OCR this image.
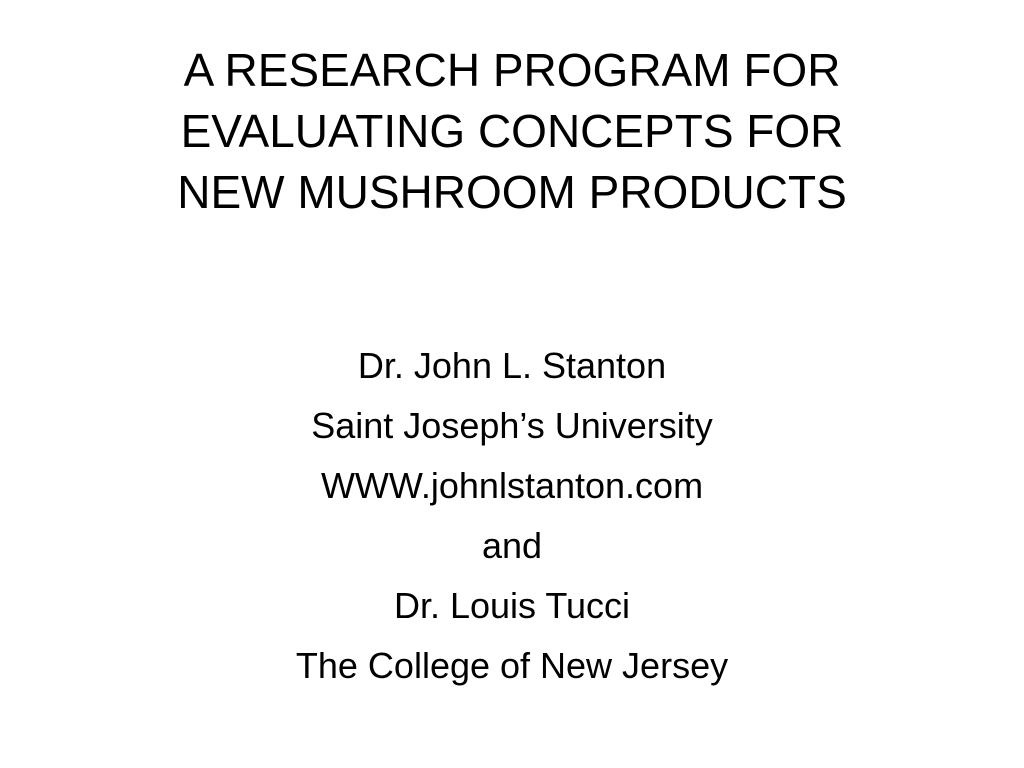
A RESEARCH PROGRAM FOR
EVALUATING CONCEPTS FOR
NEW MUSHROOM PRODUCTS
Dr. John L. Stanton
Saint Joseph’s University
WWW.johnlstanton.com
and
Dr. Louis Tucci
The College of New Jersey
